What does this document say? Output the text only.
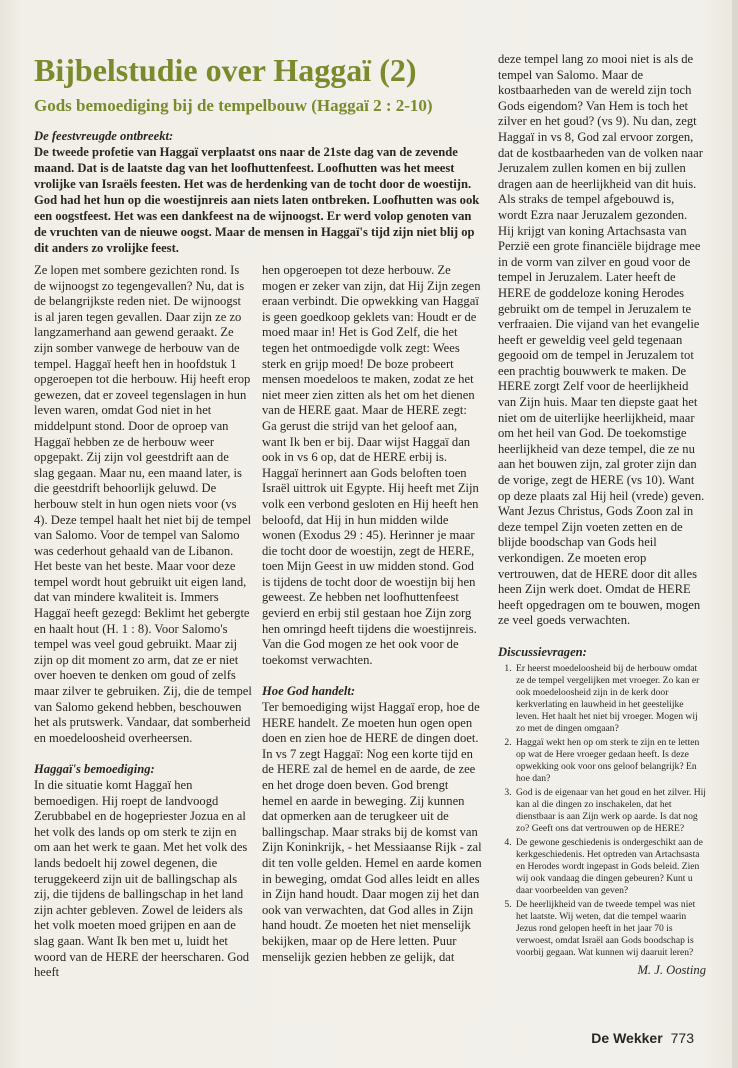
Bijbelstudie over Haggaï (2)
Gods bemoediging bij de tempelbouw (Haggaï 2 : 2-10)
De feestvreugde ontbreekt:

De tweede profetie van Haggaï verplaatst ons naar de 21ste dag van de zevende maand. Dat is de laatste dag van het loofhuttenfeest. Loofhutten was het meest vrolijke van Israëls feesten. Het was de herdenking van de tocht door de woestijn. God had het hun op die woestijnreis aan niets laten ontbreken. Loofhutten was ook een oogstfeest. Het was een dankfeest na de wijnoogst. Er werd volop genoten van de vruchten van de nieuwe oogst. Maar de mensen in Haggaï's tijd zijn niet blij op dit anders zo vrolijke feest.

Ze lopen met sombere gezichten rond. Is de wijnoogst zo tegengevallen? Nu, dat is de belangrijkste reden niet. De wijnoogst is al jaren tegen gevallen. Daar zijn ze zo langzamerhand aan gewend geraakt. Ze zijn somber vanwege de herbouw van de tempel. Haggaï heeft hen in hoofdstuk 1 opgeroepen tot die herbouw. Hij heeft erop gewezen, dat er zoveel tegenslagen in hun leven waren, omdat God niet in het middelpunt stond. Door de oproep van Haggaï hebben ze de herbouw weer opgepakt. Zij zijn vol geestdrift aan de slag gegaan. Maar nu, een maand later, is die geestdrift behoorlijk geluwd. De herbouw stelt in hun ogen niets voor (vs 4). Deze tempel haalt het niet bij de tempel van Salomo. Voor de tempel van Salomo was cederhout gehaald van de Libanon. Het beste van het beste. Maar voor deze tempel wordt hout gebruikt uit eigen land, dat van mindere kwaliteit is. Immers Haggaï heeft gezegd: Beklimt het gebergte en haalt hout (H. 1 : 8). Voor Salomo's tempel was veel goud gebruikt. Maar zij zijn op dit moment zo arm, dat ze er niet over hoeven te denken om goud of zelfs maar zilver te gebruiken. Zij, die de tempel van Salomo gekend hebben, beschouwen het als prutswerk. Vandaar, dat somberheid en moedeloosheid overheersen.

Haggaï's bemoediging:

In die situatie komt Haggaï hen bemoedigen. Hij roept de landvoogd Zerubbabel en de hogepriester Jozua en al het volk des lands op om sterk te zijn en om aan het werk te gaan. Met het volk des lands bedoelt hij zowel degenen, die teruggekeerd zijn uit de ballingschap als zij, die tijdens de ballingschap in het land zijn achter gebleven. Zowel de leiders als het volk moeten moed grijpen en aan de slag gaan. Want Ik ben met u, luidt het woord van de HERE der heerscharen. God heeft

hen opgeroepen tot deze herbouw. Ze mogen er zeker van zijn, dat Hij Zijn zegen eraan verbindt. Die opwekking van Haggaï is geen goedkoop geklets van: Houdt er de moed maar in! Het is God Zelf, die het tegen het ontmoedigde volk zegt: Wees sterk en grijp moed! De boze probeert mensen moedeloos te maken, zodat ze het niet meer zien zitten als het om het dienen van de HERE gaat. Maar de HERE zegt: Ga gerust die strijd van het geloof aan, want Ik ben er bij. Daar wijst Haggaï dan ook in vs 6 op, dat de HERE erbij is. Haggaï herinnert aan Gods beloften toen Israël uittrok uit Egypte. Hij heeft met Zijn volk een verbond gesloten en Hij heeft hen beloofd, dat Hij in hun midden wilde wonen (Exodus 29 : 45). Herinner je maar die tocht door de woestijn, zegt de HERE, toen Mijn Geest in uw midden stond. God is tijdens de tocht door de woestijn bij hen geweest. Ze hebben net loofhuttenfeest gevierd en erbij stil gestaan hoe Zijn zorg hen omringd heeft tijdens die woestijnreis. Van die God mogen ze het ook voor de toekomst verwachten.

Hoe God handelt:

Ter bemoediging wijst Haggaï erop, hoe de HERE handelt. Ze moeten hun ogen open doen en zien hoe de HERE de dingen doet. In vs 7 zegt Haggaï: Nog een korte tijd en de HERE zal de hemel en de aarde, de zee en het droge doen beven. God brengt hemel en aarde in beweging. Zij kunnen dat opmerken aan de terugkeer uit de ballingschap. Maar straks bij de komst van Zijn Koninkrijk, - het Messiaanse Rijk - zal dit ten volle gelden. Hemel en aarde komen in beweging, omdat God alles leidt en alles in Zijn hand houdt. Daar mogen zij het dan ook van verwachten, dat God alles in Zijn hand houdt. Ze moeten het niet menselijk bekijken, maar op de Here letten. Puur menselijk gezien hebben ze gelijk, dat

deze tempel lang zo mooi niet is als de tempel van Salomo. Maar de kostbaarheden van de wereld zijn toch Gods eigendom? Van Hem is toch het zilver en het goud? (vs 9). Nu dan, zegt Haggaï in vs 8, God zal ervoor zorgen, dat de kostbaarheden van de volken naar Jeruzalem zullen komen en bij zullen dragen aan de heerlijkheid van dit huis. Als straks de tempel afgebouwd is, wordt Ezra naar Jeruzalem gezonden. Hij krijgt van koning Artachsasta van Perzië een grote financiële bijdrage mee in de vorm van zilver en goud voor de tempel in Jeruzalem. Later heeft de HERE de goddeloze koning Herodes gebruikt om de tempel in Jeruzalem te verfraaien. Die vijand van het evangelie heeft er geweldig veel geld tegenaan gegooid om de tempel in Jeruzalem tot een prachtig bouwwerk te maken. De HERE zorgt Zelf voor de heerlijkheid van Zijn huis. Maar ten diepste gaat het niet om de uiterlijke heerlijkheid, maar om het heil van God. De toekomstige heerlijkheid van deze tempel, die ze nu aan het bouwen zijn, zal groter zijn dan de vorige, zegt de HERE (vs 10). Want op deze plaats zal Hij heil (vrede) geven. Want Jezus Christus, Gods Zoon zal in deze tempel Zijn voeten zetten en de blijde boodschap van Gods heil verkondigen. Ze moeten erop vertrouwen, dat de HERE door dit alles heen Zijn werk doet. Omdat de HERE heeft opgedragen om te bouwen, mogen ze veel goeds verwachten.

Discussievragen:

1. Er heerst moedeloosheid bij de herbouw omdat ze de tempel vergelijken met vroeger. Zo kan er ook moedeloosheid zijn in de kerk door kerkverlating en lauwheid in het geestelijke leven. Het haalt het niet bij vroeger. Mogen wij zo met de dingen omgaan?
2. Haggaï wekt hen op om sterk te zijn en te letten op wat de Here vroeger gedaan heeft. Is deze opwekking ook voor ons geloof belangrijk? En hoe dan?
3. God is de eigenaar van het goud en het zilver. Hij kan al die dingen zo inschakelen, dat het dienstbaar is aan Zijn werk op aarde. Is dat nog zo? Geeft ons dat vertrouwen op de HERE?
4. De gewone geschiedenis is ondergeschikt aan de kerkgeschiedenis. Het optreden van Artachsasta en Herodes wordt ingepast in Gods beleid. Zien wij ook vandaag die dingen gebeuren? Kunt u daar voorbeelden van geven?
5. De heerlijkheid van de tweede tempel was niet het laatste. Wij weten, dat die tempel waarin Jezus rond gelopen heeft in het jaar 70 is verwoest, omdat Israël aan Gods boodschap is voorbij gegaan. Wat kunnen wij daaruit leren?
M. J. Oosting
De Wekker 773
